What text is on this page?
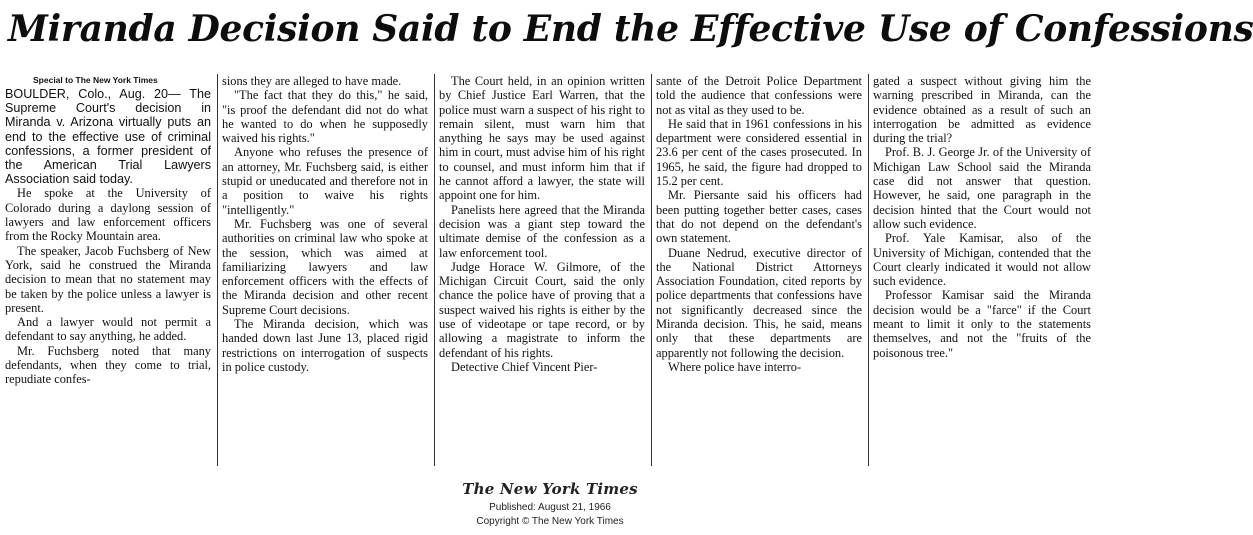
Miranda Decision Said to End the Effective Use of Confessions
Special to The New York Times

BOULDER, Colo., Aug. 20— The Supreme Court's decision in Miranda v. Arizona virtually puts an end to the effective use of criminal confessions, a former president of the American Trial Lawyers Association said today.

He spoke at the University of Colorado during a daylong session of lawyers and law enforcement officers from the Rocky Mountain area.

The speaker, Jacob Fuchsberg of New York, said he construed the Miranda decision to mean that no statement may be taken by the police unless a lawyer is present.

And a lawyer would not permit a defendant to say anything, he added.

Mr. Fuchsberg noted that many defendants, when they come to trial, repudiate confes-

sions they are alleged to have made.

"The fact that they do this," he said, "is proof the defendant did not do what he wanted to do when he supposedly waived his rights."

Anyone who refuses the presence of an attorney, Mr. Fuchsberg said, is either stupid or uneducated and therefore not in a position to waive his rights "intelligently."

Mr. Fuchsberg was one of several authorities on criminal law who spoke at the session, which was aimed at familiarizing lawyers and law enforcement officers with the effects of the Miranda decision and other recent Supreme Court decisions.

The Miranda decision, which was handed down last June 13, placed rigid restrictions on interrogation of suspects in police custody.

The Court held, in an opinion written by Chief Justice Earl Warren, that the police must warn a suspect of his right to remain silent, must warn him that anything he says may be used against him in court, must advise him of his right to counsel, and must inform him that if he cannot afford a lawyer, the state will appoint one for him.

Panelists here agreed that the Miranda decision was a giant step toward the ultimate demise of the confession as a law enforcement tool.

Judge Horace W. Gilmore, of the Michigan Circuit Court, said the only chance the police have of proving that a suspect waived his rights is either by the use of videotape or tape record, or by allowing a magistrate to inform the defendant of his rights.

Detective Chief Vincent Pier-

sante of the Detroit Police Department told the audience that confessions were not as vital as they used to be.

He said that in 1961 confessions in his department were considered essential in 23.6 per cent of the cases prosecuted. In 1965, he said, the figure had dropped to 15.2 per cent.

Mr. Piersante said his officers had been putting together better cases, cases that do not depend on the defendant's own statement.

Duane Nedrud, executive director of the National District Attorneys Association Foundation, cited reports by police departments that confessions have not significantly decreased since the Miranda decision. This, he said, means only that these departments are apparently not following the decision.

Where police have interro-

gated a suspect without giving him the warning prescribed in Miranda, can the evidence obtained as a result of such an interrogation be admitted as evidence during the trial?

Prof. B. J. George Jr. of the University of Michigan Law School said the Miranda case did not answer that question. However, he said, one paragraph in the decision hinted that the Court would not allow such evidence.

Prof. Yale Kamisar, also of the University of Michigan, contended that the Court clearly indicated it would not allow such evidence.

Professor Kamisar said the Miranda decision would be a "farce" if the Court meant to limit it only to the statements themselves, and not the "fruits of the poisonous tree."

The New York Times
Published: August 21, 1966
Copyright © The New York Times
